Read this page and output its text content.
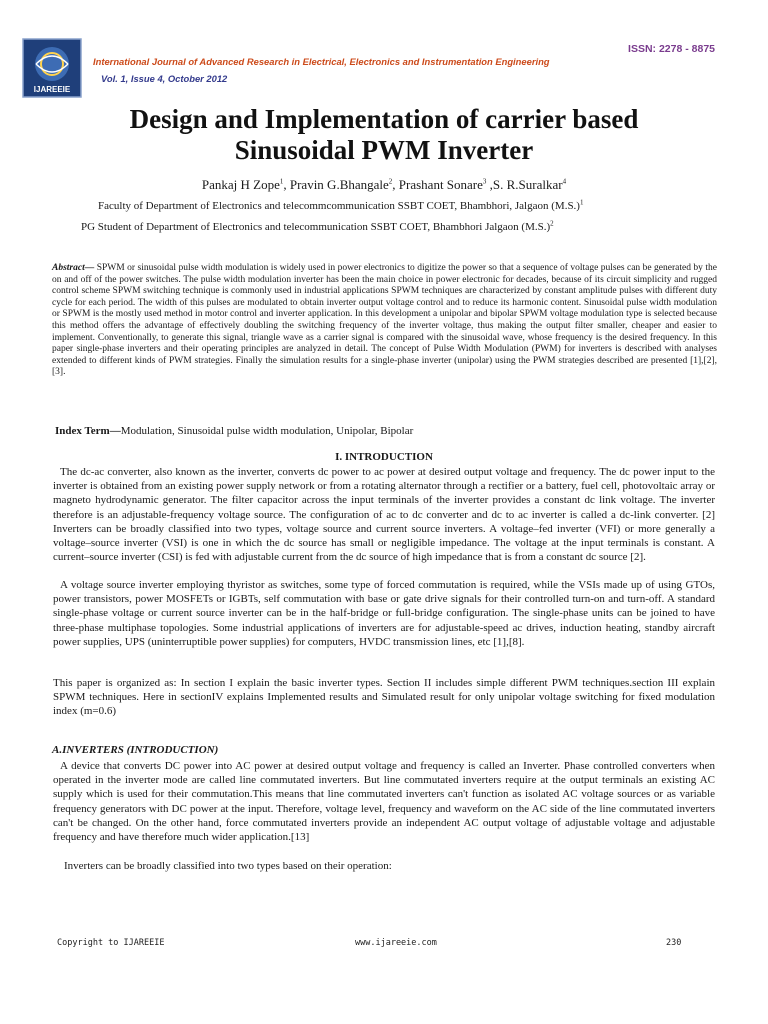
IJAREEIE
ISSN: 2278 - 8875
International Journal of Advanced Research in Electrical, Electronics and Instrumentation Engineering
Vol. 1, Issue 4, October 2012
Design and Implementation of carrier based
Sinusoidal PWM Inverter
Pankaj H Zope$^1$, Pravin G.Bhangale$^2$, Prashant Sonare$^3$ ,S. R.Suralkar$^4$
Faculty of Department of Electronics and telecommcommunication SSBT COET, Bhambhori, Jalgaon $(M.S.)^1$
PG Student of Department of Electronics and telecommunication SSBT COET, Bhambhori Jalgaon $(M.S.)^2$
Abstract— SPWM or sinusoidal pulse width modulation is widely used in power electronics to digitize the power so that a sequence of voltage pulses can be generated by the on and off of the power switches. The pulse width modulation inverter has been the main choice in power electronic for decades, because of its circuit simplicity and rugged control scheme SPWM switching technique is commonly used in industrial applications SPWM techniques are characterized by constant amplitude pulses with different duty cycle for each period. The width of this pulses are modulated to obtain inverter output voltage control and to reduce its harmonic content. Sinusoidal pulse width modulation or SPWM is the mostly used method in motor control and inverter application. In this development a unipolar and bipolar SPWM voltage modulation type is selected because this method offers the advantage of effectively doubling the switching frequency of the inverter voltage, thus making the output filter smaller, cheaper and easier to implement. Conventionally, to generate this signal, triangle wave as a carrier signal is compared with the sinusoidal wave, whose frequency is the desired frequency. In this paper single-phase inverters and their operating principles are analyzed in detail. The concept of Pulse Width Modulation (PWM) for inverters is described with analyses extended to different kinds of PWM strategies. Finally the simulation results for a single-phase inverter (unipolar) using the PWM strategies described are presented [1],[2],[3].
Index Term—Modulation, Sinusoidal pulse width modulation, Unipolar, Bipolar
I. INTRODUCTION

The dc-ac converter, also known as the inverter, converts dc power to ac power at desired output voltage and frequency. The dc power input to the inverter is obtained from an existing power supply network or from a rotating alternator through a rectifier or a battery, fuel cell, photovoltaic array or magneto hydrodynamic generator. The filter capacitor across the input terminals of the inverter provides a constant dc link voltage. The inverter therefore is an adjustable-frequency voltage source. The configuration of ac to dc converter and dc to ac inverter is called a dc-link converter. [2] Inverters can be broadly classified into two types, voltage source and current source inverters. A voltage–fed inverter (VFI) or more generally a voltage–source inverter (VSI) is one in which the dc source has small or negligible impedance. The voltage at the input terminals is constant. A current–source inverter (CSI) is fed with adjustable current from the dc source of high impedance that is from a constant dc source [2].

A voltage source inverter employing thyristor as switches, some type of forced commutation is required, while the VSIs made up of using GTOs, power transistors, power MOSFETs or IGBTs, self commutation with base or gate drive signals for their controlled turn-on and turn-off. A standard single-phase voltage or current source inverter can be in the half-bridge or full-bridge configuration. The single-phase units can be joined to have three-phase multiphase topologies. Some industrial applications of inverters are for adjustable-speed ac drives, induction heating, standby aircraft power supplies, UPS (uninterruptible power supplies) for computers, HVDC transmission lines, etc [1],[8].

This paper is organized as: In section I explain the basic inverter types. Section II includes simple different PWM techniques.section III explain SPWM techniques. Here in sectionIV explains Implemented results and Simulated result for only unipolar voltage switching for fixed modulation index (m=0.6)

A.INVERTERS (INTRODUCTION)

A device that converts DC power into AC power at desired output voltage and frequency is called an Inverter. Phase controlled converters when operated in the inverter mode are called line commutated inverters. But line commutated inverters require at the output terminals an existing AC supply which is used for their commutation.This means that line commutated inverters can't function as isolated AC voltage sources or as variable frequency generators with DC power at the input. Therefore, voltage level, frequency and waveform on the AC side of the line commutated inverters can't be changed. On the other hand, force commutated inverters provide an independent AC output voltage of adjustable voltage and adjustable frequency and have therefore much wider application.[13]

Inverters can be broadly classified into two types based on their operation:

Copyright to IJAREEIE	www.ijareeie.com	230
